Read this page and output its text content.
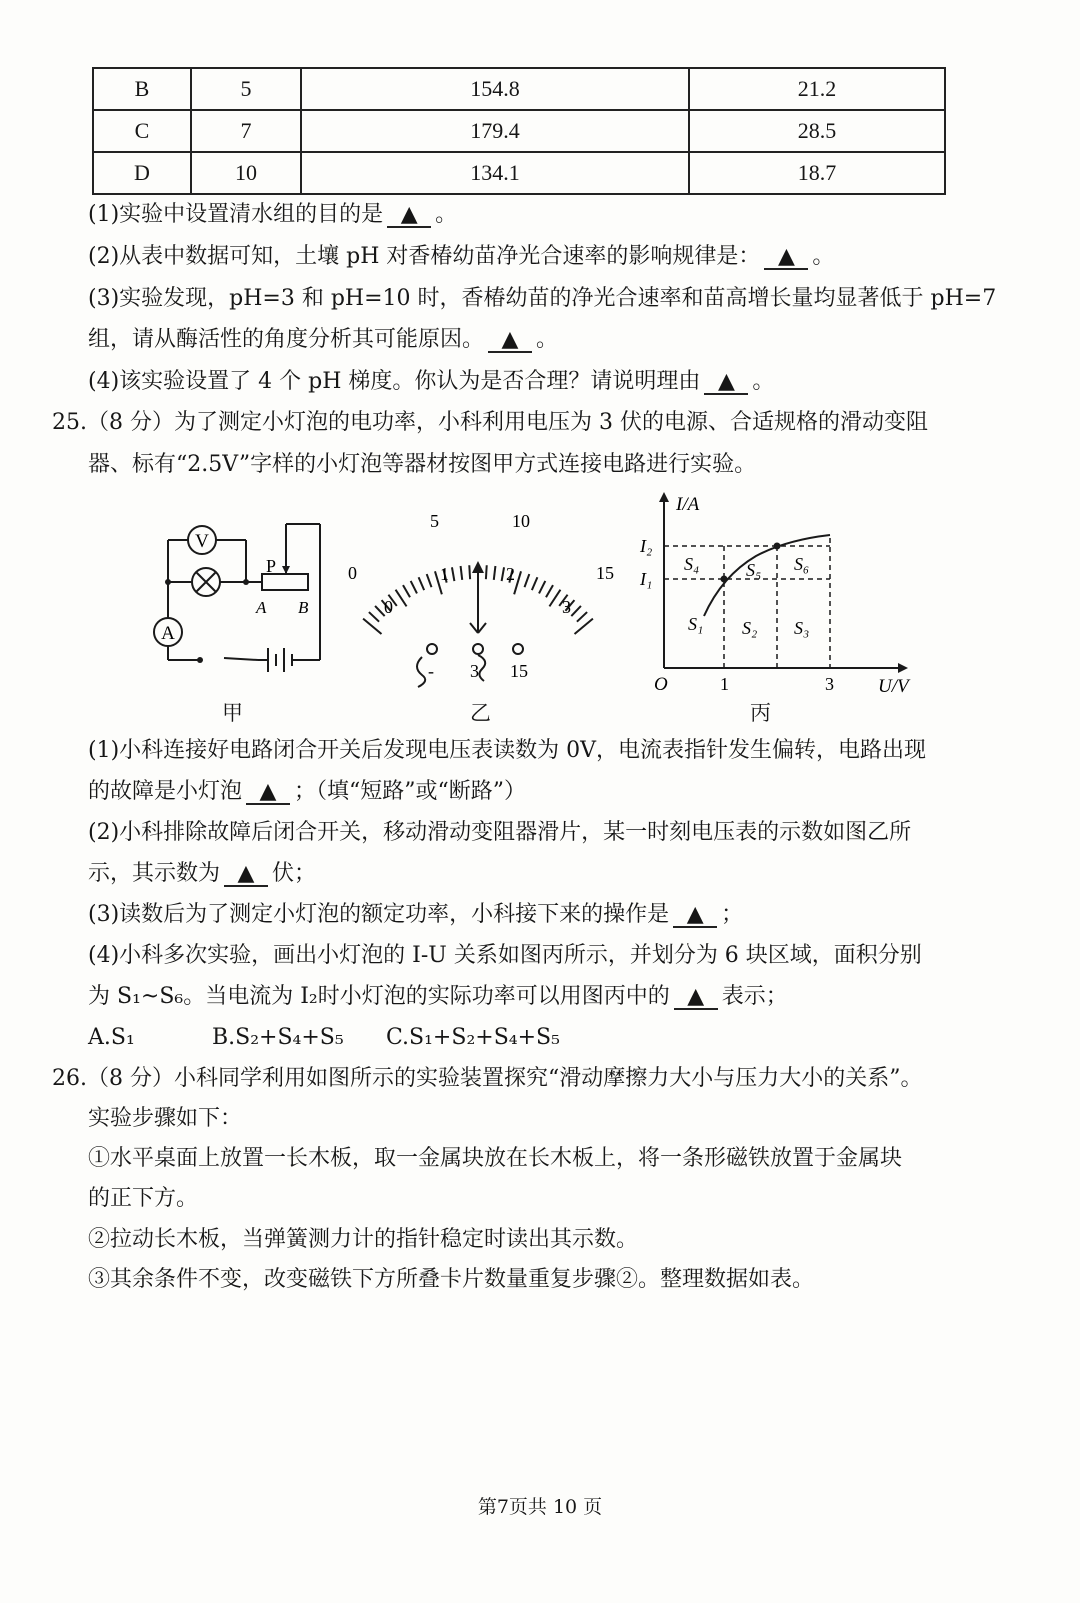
B	5	154.8	21.2
C	7	179.4	28.5
D	10	134.1	18.7
(1)实验中设置清水组的目的是 ▲ 。
(2)从表中数据可知，土壤 pH 对香椿幼苗净光合速率的影响规律是： ▲ 。
(3)实验发现，pH=3 和 pH=10 时，香椿幼苗的净光合速率和苗高增长量均显著低于 pH=7
组，请从酶活性的角度分析其可能原因。 ▲ 。
(4)该实验设置了 4 个 pH 梯度。你认为是否合理？请说明理由 ▲ 。
25.（8 分）为了测定小灯泡的电功率，小科利用电压为 3 伏的电源、合适规格的滑动变阻
器、标有“2.5V”字样的小灯泡等器材按图甲方式连接电路进行实验。
V
A
P
A B
甲
5	10
0	15
0
1	2
3
- 3 15
乙
I/A
U/V
O	1	3
I₂
I₁
S₁ S₂ S₃
S₄	S₅ S₆
丙
(1)小科连接好电路闭合开关后发现电压表读数为 0V，电流表指针发生偏转，电路出现
的故障是小灯泡 ▲ ；（填“短路”或“断路”）
(2)小科排除故障后闭合开关，移动滑动变阻器滑片，某一时刻电压表的示数如图乙所
示，其示数为 ▲ 伏；
(3)读数后为了测定小灯泡的额定功率，小科接下来的操作是 ▲ ；
(4)小科多次实验，画出小灯泡的 I-U 关系如图丙所示，并划分为 6 块区域，面积分别
为 S₁~S₆。当电流为 I₂时小灯泡的实际功率可以用图丙中的 ▲ 表示；
A.S₁	B.S₂+S₄+S₅ C.S₁+S₂+S₄+S₅
26.（8 分）小科同学利用如图所示的实验装置探究“滑动摩擦力大小与压力大小的关系”。
实验步骤如下：
①水平桌面上放置一长木板，取一金属块放在长木板上，将一条形磁铁放置于金属块
的正下方。
②拉动长木板，当弹簧测力计的指针稳定时读出其示数。
③其余条件不变，改变磁铁下方所叠卡片数量重复步骤②。整理数据如表。
第7页共 10 页
